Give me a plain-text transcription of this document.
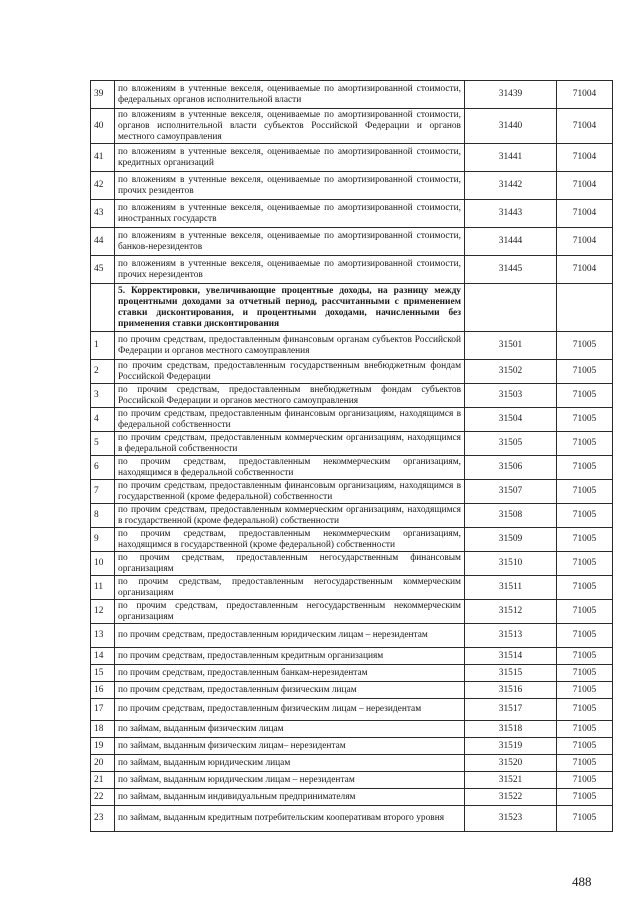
39	по вложениям в учтенные векселя, оцениваемые по амортизированной стоимости, федеральных органов исполнительной власти	31439	71004
40	по вложениям в учтенные векселя, оцениваемые по амортизированной стоимости, органов исполнительной власти субъектов Российской Федерации и органов местного самоуправления	31440	71004
41	по вложениям в учтенные векселя, оцениваемые по амортизированной стоимости, кредитных организаций	31441	71004
42	по вложениям в учтенные векселя, оцениваемые по амортизированной стоимости, прочих резидентов	31442	71004
43	по вложениям в учтенные векселя, оцениваемые по амортизированной стоимости, иностранных государств	31443	71004
44	по вложениям в учтенные векселя, оцениваемые по амортизированной стоимости, банков-нерезидентов	31444	71004
45	по вложениям в учтенные векселя, оцениваемые по амортизированной стоимости, прочих нерезидентов	31445	71004
	5. Корректировки, увеличивающие процентные доходы, на разницу между процентными доходами за отчетный период, рассчитанными с применением ставки дисконтирования, и процентными доходами, начисленными без применения ставки дисконтирования		
1	по прочим средствам, предоставленным финансовым органам субъектов Российской Федерации и органов местного самоуправления	31501	71005
2	по прочим средствам, предоставленным государственным внебюджетным фондам Российской Федерации	31502	71005
3	по прочим средствам, предоставленным внебюджетным фондам субъектов Российской Федерации и органов местного самоуправления	31503	71005
4	по прочим средствам, предоставленным финансовым организациям, находящимся в федеральной собственности	31504	71005
5	по прочим средствам, предоставленным коммерческим организациям, находящимся в федеральной собственности	31505	71005
6	по прочим средствам, предоставленным некоммерческим организациям, находящимся в федеральной собственности	31506	71005
7	по прочим средствам, предоставленным финансовым организациям, находящимся в государственной (кроме федеральной) собственности	31507	71005
8	по прочим средствам, предоставленным коммерческим организациям, находящимся в государственной (кроме федеральной) собственности	31508	71005
9	по прочим средствам, предоставленным некоммерческим организациям, находящимся в государственной (кроме федеральной) собственности	31509	71005
10	по прочим средствам, предоставленным негосударственным финансовым организациям	31510	71005
11	по прочим средствам, предоставленным негосударственным коммерческим организациям	31511	71005
12	по прочим средствам, предоставленным негосударственным некоммерческим организациям	31512	71005
13	по прочим средствам, предоставленным юридическим лицам – нерезидентам	31513	71005
14	по прочим средствам, предоставленным кредитным организациям	31514	71005
15	по прочим средствам, предоставленным банкам-нерезидентам	31515	71005
16	по прочим средствам, предоставленным физическим лицам	31516	71005
17	по прочим средствам, предоставленным физическим лицам – нерезидентам	31517	71005
18	по займам, выданным физическим лицам	31518	71005
19	по займам, выданным физическим лицам– нерезидентам	31519	71005
20	по займам, выданным юридическим лицам	31520	71005
21	по займам, выданным юридическим лицам – нерезидентам	31521	71005
22	по займам, выданным индивидуальным предпринимателям	31522	71005
23	по займам, выданным кредитным потребительским кооперативам второго уровня	31523	71005
488
